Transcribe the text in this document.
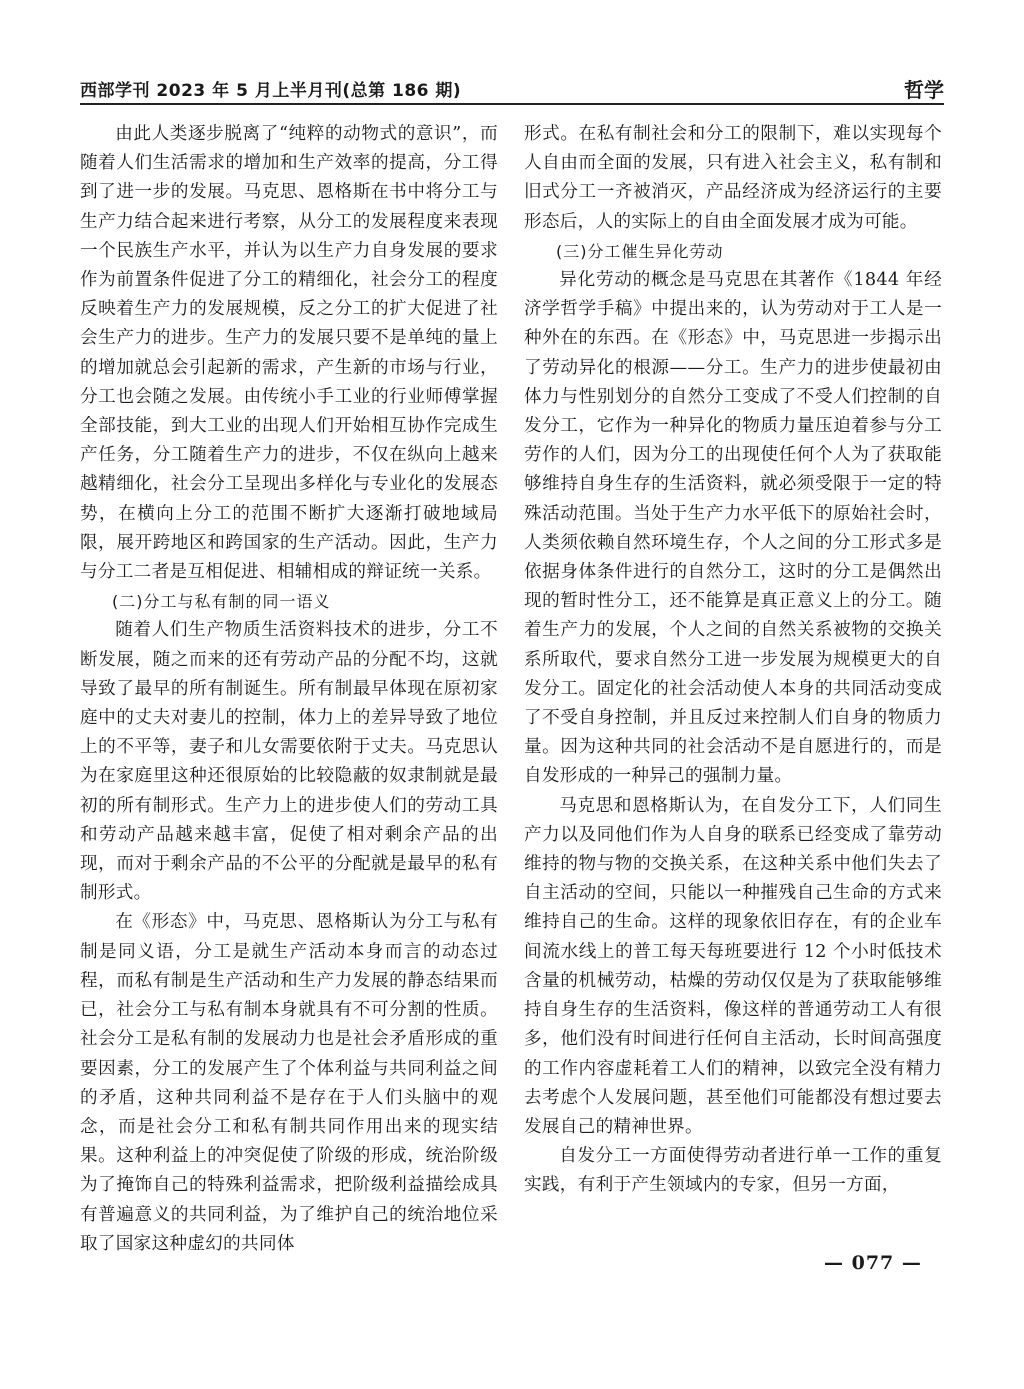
西部学刊 2023 年 5 月上半月刊(总第 186 期)	哲学

由此人类逐步脱离了“纯粹的动物式的意识”，而随着人们生活需求的增加和生产效率的提高，分工得到了进一步的发展。马克思、恩格斯在书中将分工与生产力结合起来进行考察，从分工的发展程度来表现一个民族生产水平，并认为以生产力自身发展的要求作为前置条件促进了分工的精细化，社会分工的程度反映着生产力的发展规模，反之分工的扩大促进了社会生产力的进步。生产力的发展只要不是单纯的量上的增加就总会引起新的需求，产生新的市场与行业，分工也会随之发展。由传统小手工业的行业师傅掌握全部技能，到大工业的出现人们开始相互协作完成生产任务，分工随着生产力的进步，不仅在纵向上越来越精细化，社会分工呈现出多样化与专业化的发展态势，在横向上分工的范围不断扩大逐渐打破地域局限，展开跨地区和跨国家的生产活动。因此，生产力与分工二者是互相促进、相辅相成的辩证统一关系。

(二)分工与私有制的同一语义

随着人们生产物质生活资料技术的进步，分工不断发展，随之而来的还有劳动产品的分配不均，这就导致了最早的所有制诞生。所有制最早体现在原初家庭中的丈夫对妻儿的控制，体力上的差异导致了地位上的不平等，妻子和儿女需要依附于丈夫。马克思认为在家庭里这种还很原始的比较隐蔽的奴隶制就是最初的所有制形式。生产力上的进步使人们的劳动工具和劳动产品越来越丰富，促使了相对剩余产品的出现，而对于剩余产品的不公平的分配就是最早的私有制形式。

在《形态》中，马克思、恩格斯认为分工与私有制是同义语，分工是就生产活动本身而言的动态过程，而私有制是生产活动和生产力发展的静态结果而已，社会分工与私有制本身就具有不可分割的性质。社会分工是私有制的发展动力也是社会矛盾形成的重要因素，分工的发展产生了个体利益与共同利益之间的矛盾，这种共同利益不是存在于人们头脑中的观念，而是社会分工和私有制共同作用出来的现实结果。这种利益上的冲突促使了阶级的形成，统治阶级为了掩饰自己的特殊利益需求，把阶级利益描绘成具有普遍意义的共同利益，为了维护自己的统治地位采取了国家这种虚幻的共同体

形式。在私有制社会和分工的限制下，难以实现每个人自由而全面的发展，只有进入社会主义，私有制和旧式分工一齐被消灭，产品经济成为经济运行的主要形态后，人的实际上的自由全面发展才成为可能。

(三)分工催生异化劳动

异化劳动的概念是马克思在其著作《1844 年经济学哲学手稿》中提出来的，认为劳动对于工人是一种外在的东西。在《形态》中，马克思进一步揭示出了劳动异化的根源——分工。生产力的进步使最初由体力与性别划分的自然分工变成了不受人们控制的自发分工，它作为一种异化的物质力量压迫着参与分工劳作的人们，因为分工的出现使任何个人为了获取能够维持自身生存的生活资料，就必须受限于一定的特殊活动范围。当处于生产力水平低下的原始社会时，人类须依赖自然环境生存，个人之间的分工形式多是依据身体条件进行的自然分工，这时的分工是偶然出现的暂时性分工，还不能算是真正意义上的分工。随着生产力的发展，个人之间的自然关系被物的交换关系所取代，要求自然分工进一步发展为规模更大的自发分工。固定化的社会活动使人本身的共同活动变成了不受自身控制，并且反过来控制人们自身的物质力量。因为这种共同的社会活动不是自愿进行的，而是自发形成的一种异己的强制力量。

马克思和恩格斯认为，在自发分工下，人们同生产力以及同他们作为人自身的联系已经变成了靠劳动维持的物与物的交换关系，在这种关系中他们失去了自主活动的空间，只能以一种摧残自己生命的方式来维持自己的生命。这样的现象依旧存在，有的企业车间流水线上的普工每天每班要进行 12 个小时低技术含量的机械劳动，枯燥的劳动仅仅是为了获取能够维持自身生存的生活资料，像这样的普通劳动工人有很多，他们没有时间进行任何自主活动，长时间高强度的工作内容虚耗着工人们的精神，以致完全没有精力去考虑个人发展问题，甚至他们可能都没有想过要去发展自己的精神世界。

自发分工一方面使得劳动者进行单一工作的重复实践，有利于产生领域内的专家，但另一方面，

— 077 —
